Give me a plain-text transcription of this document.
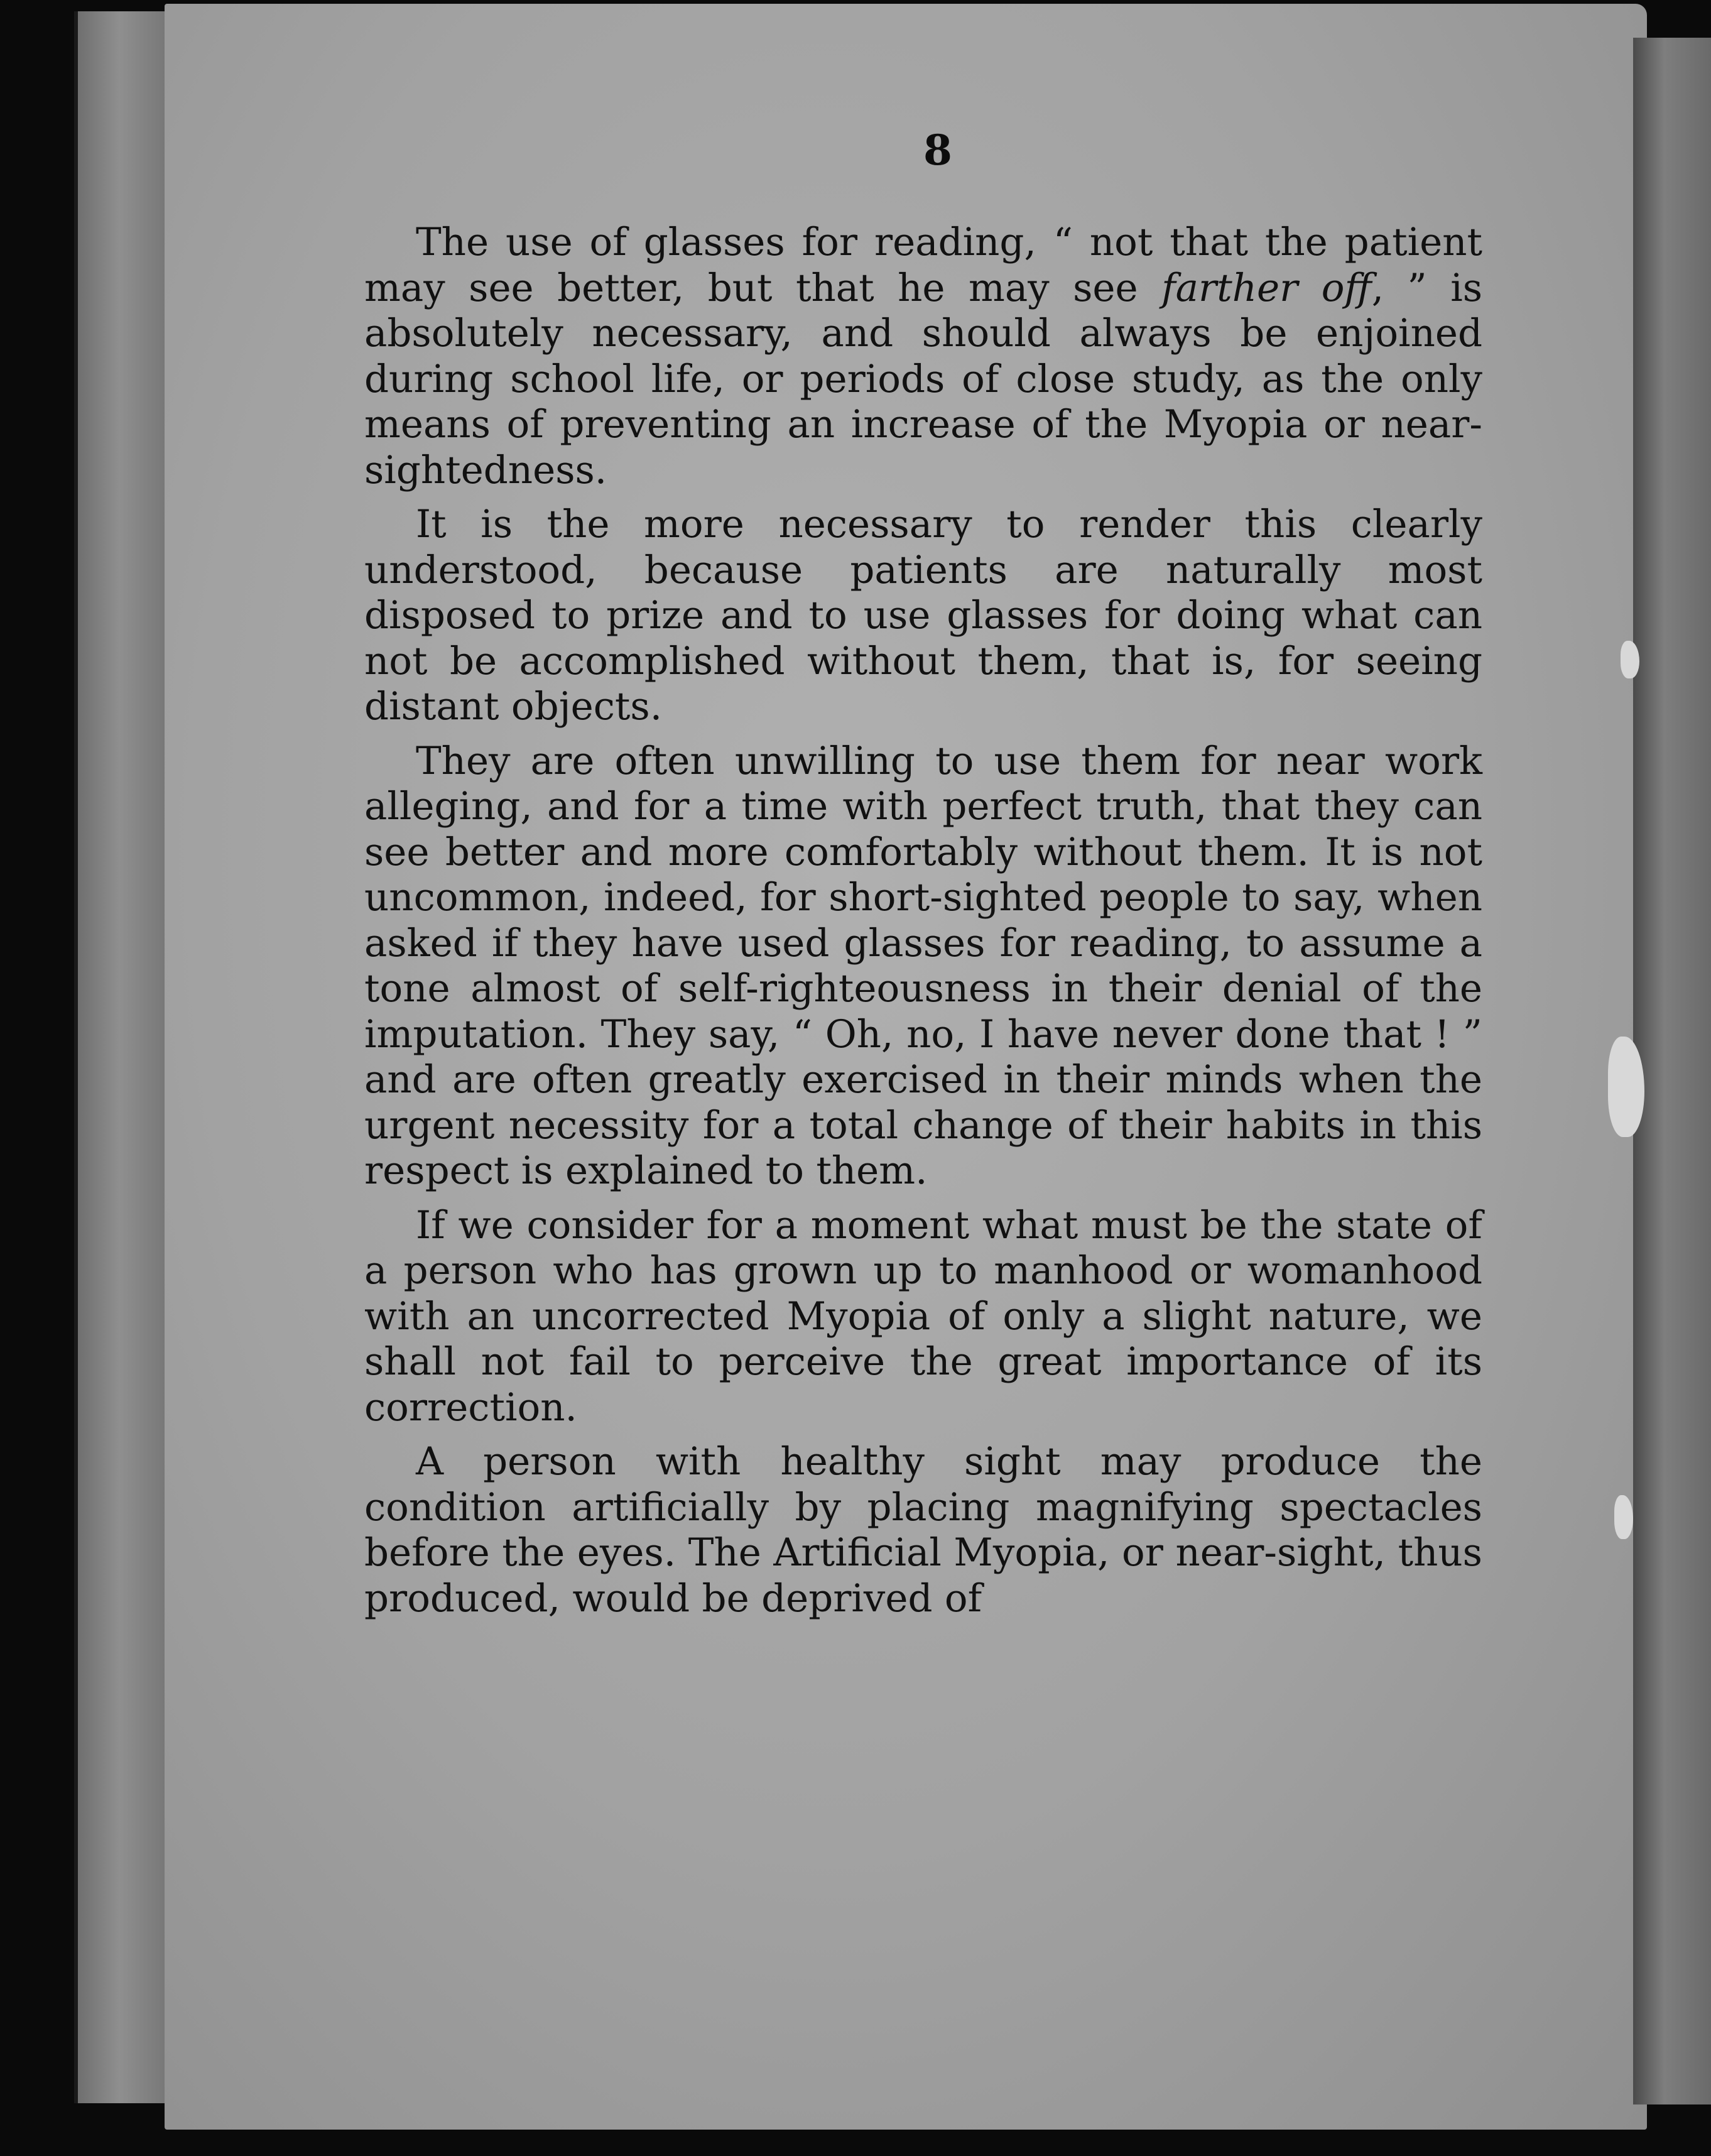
8

The use of glasses for reading, “ not that the patient may see better, but that he may see farther off, ” is absolutely necessary, and should always be enjoined during school life, or periods of close study, as the only means of preventing an increase of the Myopia or near-sightedness.

It is the more necessary to render this clearly understood, because patients are naturally most disposed to prize and to use glasses for doing what can not be accomplished without them, that is, for seeing distant objects.

They are often unwilling to use them for near work alleging, and for a time with perfect truth, that they can see better and more comfortably without them. It is not uncommon, indeed, for short-sighted people to say, when asked if they have used glasses for reading, to assume a tone almost of self-righteousness in their denial of the imputation. They say, “ Oh, no, I have never done that ! ” and are often greatly exercised in their minds when the urgent necessity for a total change of their habits in this respect is explained to them.

If we consider for a moment what must be the state of a person who has grown up to manhood or womanhood with an uncorrected Myopia of only a slight nature, we shall not fail to perceive the great importance of its correction.

A person with healthy sight may produce the condition artificially by placing magnifying spectacles before the eyes. The Artificial Myopia, or near-sight, thus produced, would be deprived of
